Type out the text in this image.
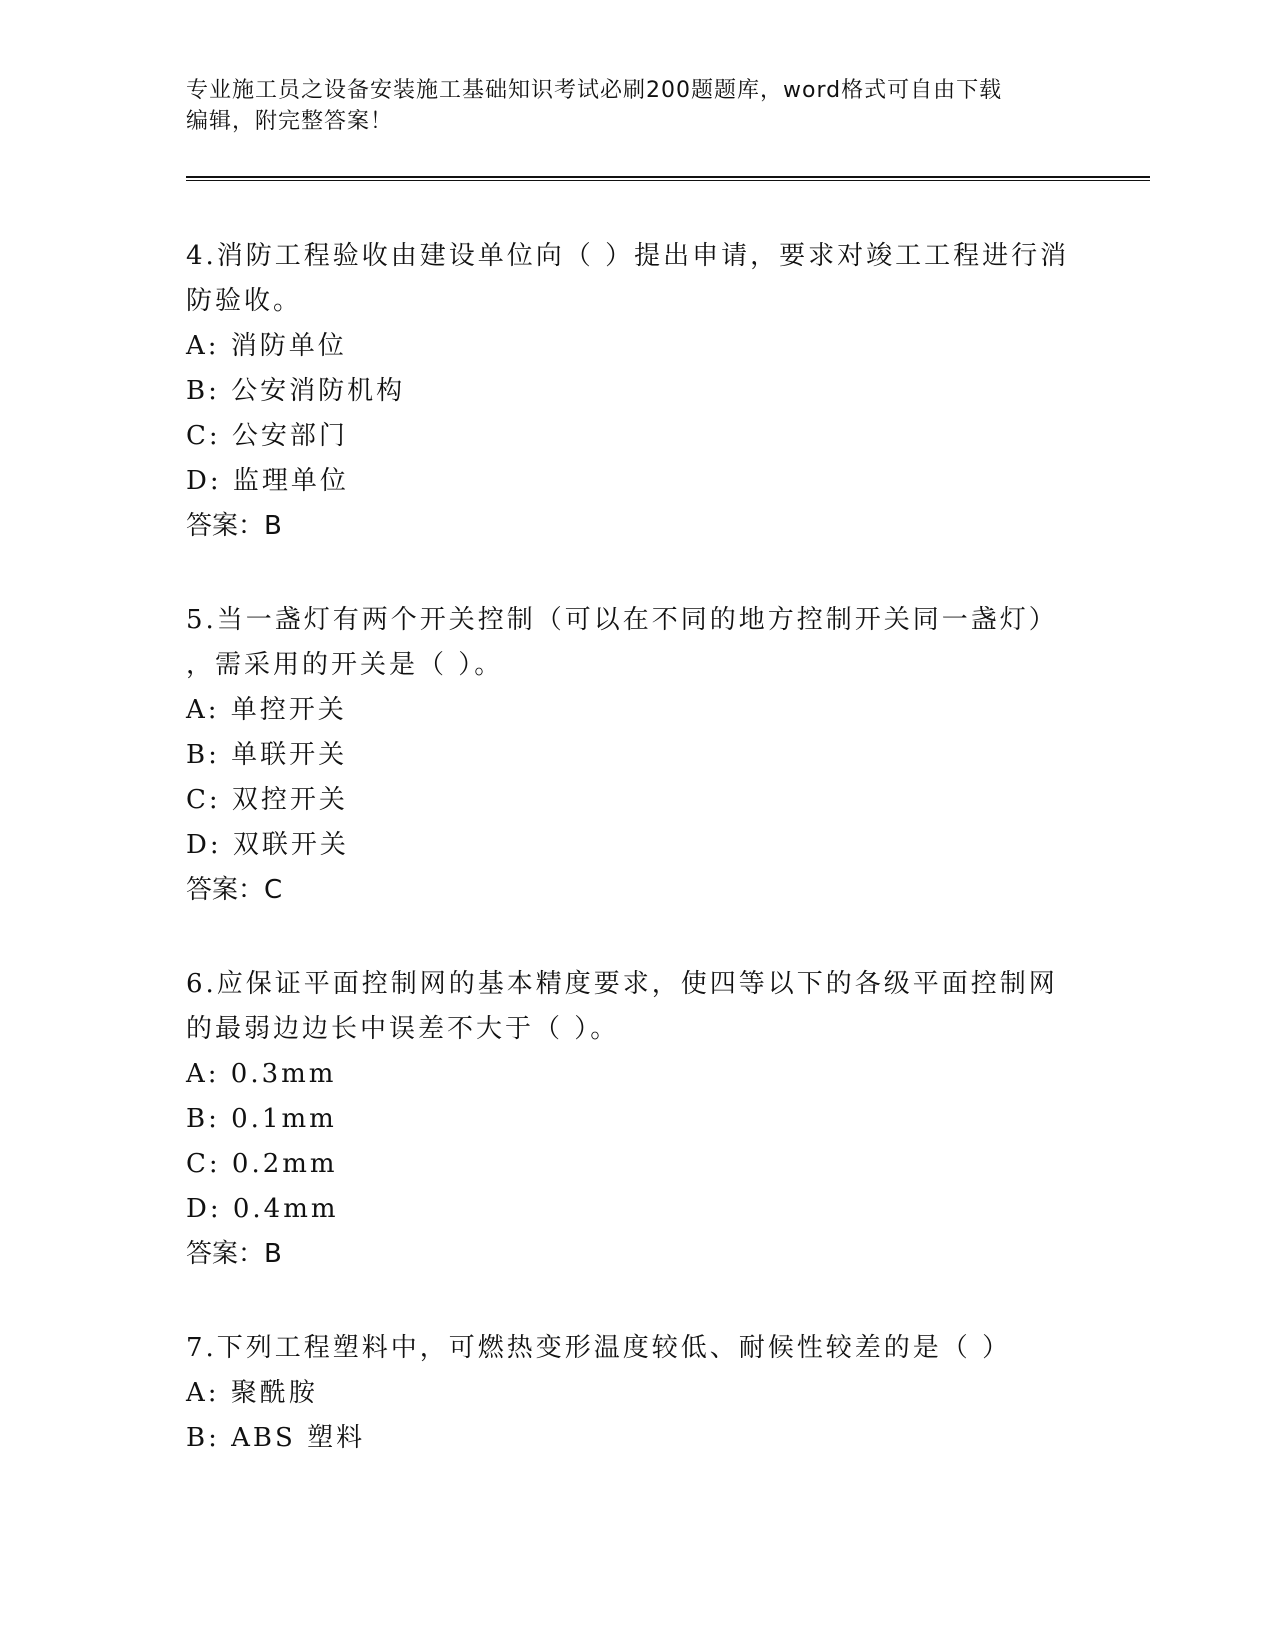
专业施工员之设备安装施工基础知识考试必刷200题题库，word格式可自由下载
编辑，附完整答案！

4.消防工程验收由建设单位向（ ）提出申请，要求对竣工工程进行消

防验收。

A: 消防单位

B: 公安消防机构

C: 公安部门

D: 监理单位

答案：B

5.当一盏灯有两个开关控制（可以在不同的地方控制开关同一盏灯）

，需采用的开关是（ ）。

A: 单控开关

B: 单联开关

C: 双控开关

D: 双联开关

答案：C

6.应保证平面控制网的基本精度要求，使四等以下的各级平面控制网

的最弱边边长中误差不大于（ ）。

A: 0.3mm

B: 0.1mm

C: 0.2mm

D: 0.4mm

答案：B

7.下列工程塑料中，可燃热变形温度较低、耐候性较差的是（ ）

A: 聚酰胺

B: ABS 塑料
